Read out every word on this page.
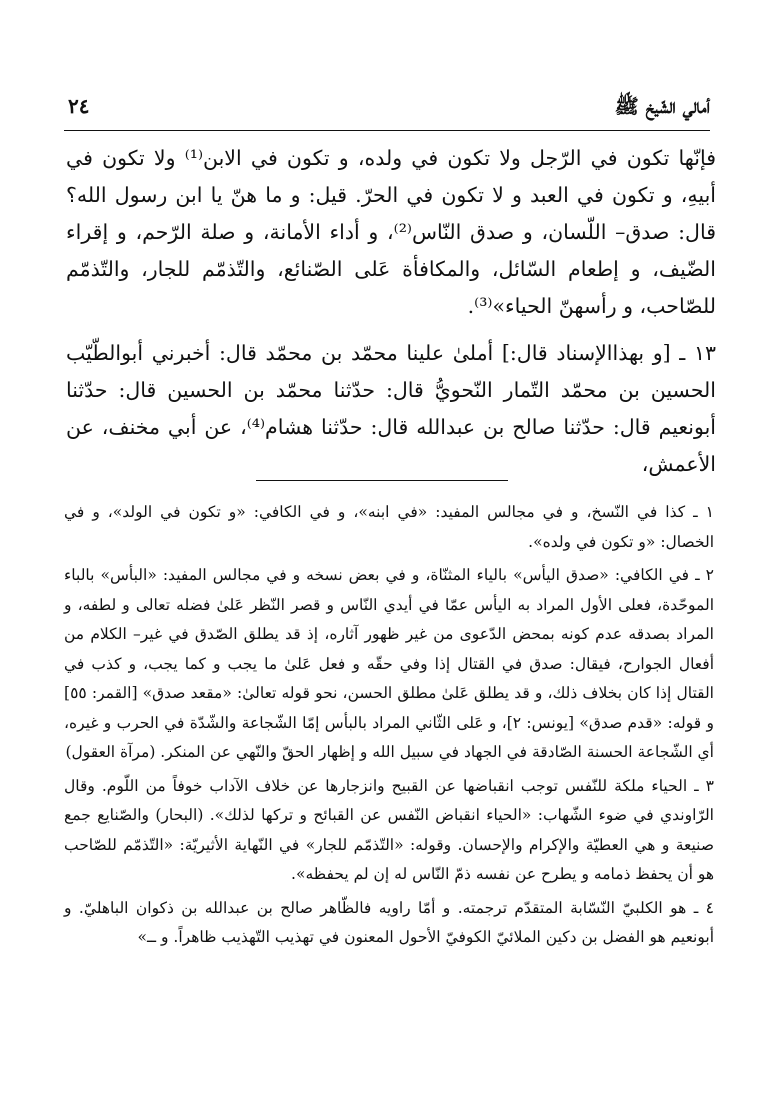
أمالي الشّيخ ﷺ
٢٤

فإنّها تكون في الرّجل ولا تكون في ولده، و تكون في الابن⁽¹⁾ ولا تكون في أبيهِ، و تكون في العبد و لا تكون في الحرّ. قيل: و ما هنّ يا ابن رسول الله؟ قال: صدق– اللّسان، و صدق النّاس⁽²⁾، و أداء الأمانة، و صلة الرّحم، و إقراء الضّيف، و إطعام السّائل، والمكافأة عَلى الصّنائع، والتّذمّم للجار، والتّذمّم للصّاحب، و رأسهنّ الحياء»⁽³⁾.

١٣ ـ [و بهذاالإسناد قال:] أملىٰ علينا محمّد بن محمّد قال: أخبرني أبوالطّيّب الحسين بن محمّد التّمار النّحويُّ قال: حدّثنا محمّد بن الحسين قال: حدّثنا أبونعيم قال: حدّثنا صالح بن عبدالله قال: حدّثنا هشام⁽⁴⁾، عن أبي مخنف، عن الأعمش،

١ ـ كذا في النّسخ، و في مجالس المفيد: «في ابنه»، و في الكافي: «و تكون في الولد»، و في الخصال: «و تكون في ولده».

٢ ـ في الكافي: «صدق اليأس» بالياء المثنّاة، و في بعض نسخه و في مجالس المفيد: «البأس» بالباء الموحّدة، فعلى الأول المراد به اليأس عمّا في أيدي النّاس و قصر النّظر عَلىٰ فضله تعالى و لطفه، و المراد بصدقه عدم كونه بمحض الدّعوى من غير ظهور آثاره، إذ قد يطلق الصّدق في غير– الكلام من أفعال الجوارح، فيقال: صدق في القتال إذا وفي حقّه و فعل عَلىٰ ما يجب و كما يجب، و كذب في القتال إذا كان بخلاف ذلك، و قد يطلق عَلىٰ مطلق الحسن، نحو قوله تعالىٰ: «مقعد صدق» [القمر: ٥٥] و قوله: «قدم صدق» [يونس: ٢]، و عَلى الثّاني المراد بالبأس إمّا الشّجاعة والشّدّة في الحرب و غيره، أي الشّجاعة الحسنة الصّادقة في الجهاد في سبيل الله و إظهار الحقّ والنّهي عن المنكر. (مرآة العقول)

٣ ـ الحياء ملكة للنّفس توجب انقباضها عن القبيح وانزجارها عن خلاف الآداب خوفاً من اللّوم. وقال الرّاوندي في ضوء الشّهاب: «الحياء انقباض النّفس عن القبائح و تركها لذلك». (البحار) والصّنايع جمع صنيعة و هي العطيّة والإكرام والإحسان. وقوله: «التّذمّم للجار» في النّهاية الأثيريّة: «التّذمّم للصّاحب هو أن يحفظ ذمامه و يطرح عن نفسه ذمّ النّاس له إن لم يحفظه».

٤ ـ هو الكلبيّ النّسّابة المتقدّم ترجمته. و أمّا راويه فالظّاهر صالح بن عبدالله بن ذكوان الباهليّ. و أبونعيم هو الفضل بن دكين الملائيّ الكوفيّ الأحول المعنون في تهذيب التّهذيب ظاهراً. و ــ»
